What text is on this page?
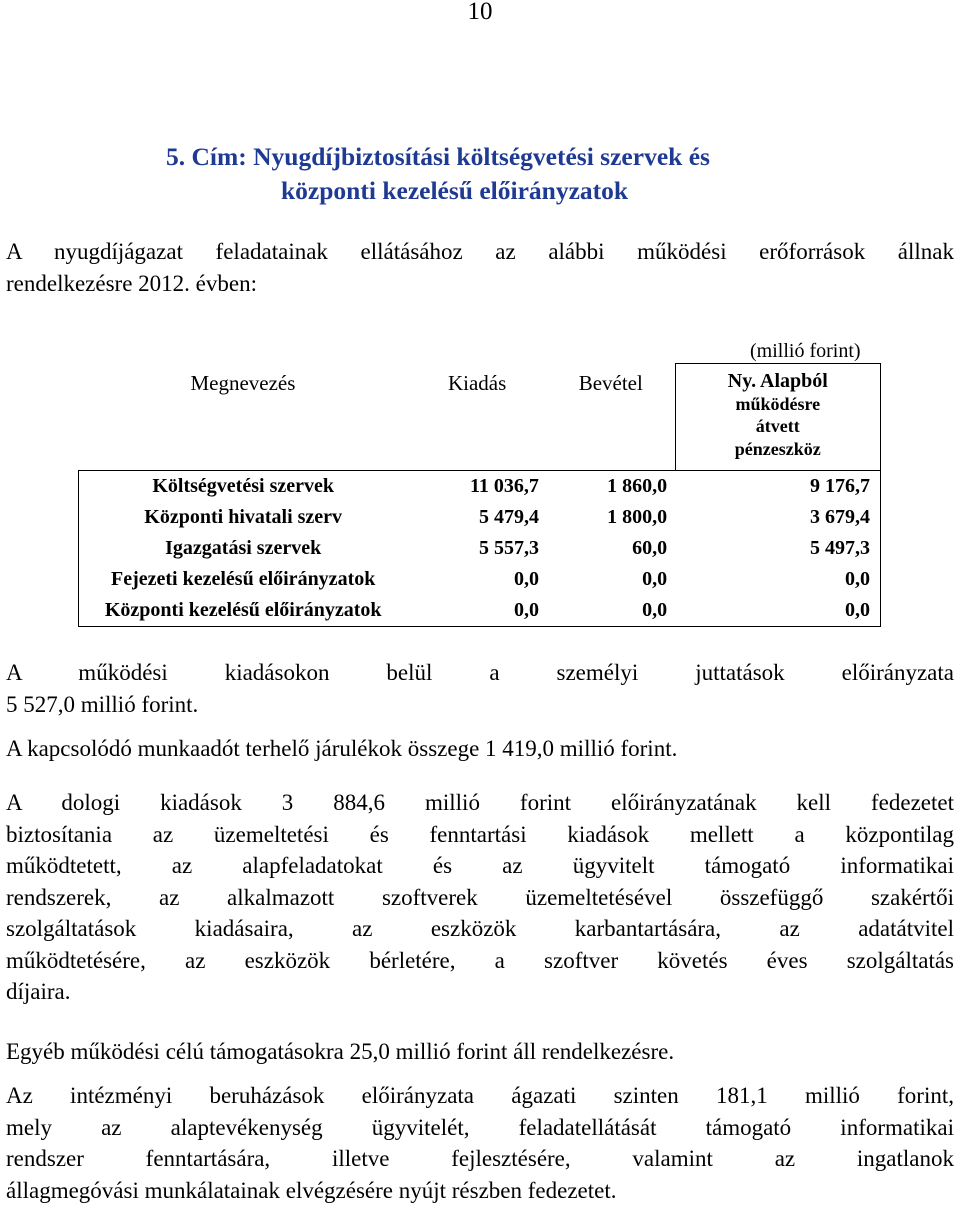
10
5. Cím: Nyugdíjbiztosítási költségvetési szervek és
központi kezelésű előirányzatok
A nyugdíjágazat feladatainak ellátásához az alábbi működési erőforrások állnak
rendelkezésre 2012. évben:
(millió forint)
Megnevezés	Kiadás	Bevétel	Ny. Alapból
működésre
átvett
pénzeszköz

Költségvetési szervek	11 036,7	1 860,0	9 176,7
Központi hivatali szerv	5 479,4	1 800,0	3 679,4
Igazgatási szervek	5 557,3	60,0	5 497,3
Fejezeti kezelésű előirányzatok	0,0	0,0	0,0
Központi kezelésű előirányzatok	0,0	0,0	0,0
A működési kiadásokon belül a személyi juttatások előirányzata
5 527,0 millió forint.
A kapcsolódó munkaadót terhelő járulékok összege 1 419,0 millió forint.
A dologi kiadások 3 884,6 millió forint előirányzatának kell fedezetet
biztosítania az üzemeltetési és fenntartási kiadások mellett a központilag
működtetett, az alapfeladatokat és az ügyvitelt támogató informatikai
rendszerek, az alkalmazott szoftverek üzemeltetésével összefüggő szakértői
szolgáltatások kiadásaira, az eszközök karbantartására, az adatátvitel
működtetésére, az eszközök bérletére, a szoftver követés éves szolgáltatás
díjaira.
Egyéb működési célú támogatásokra 25,0 millió forint áll rendelkezésre.
Az intézményi beruházások előirányzata ágazati szinten 181,1 millió forint,
mely az alaptevékenység ügyvitelét, feladatellátását támogató informatikai
rendszer fenntartására, illetve fejlesztésére, valamint az ingatlanok
állagmegóvási munkálatainak elvégzésére nyújt részben fedezetet.
